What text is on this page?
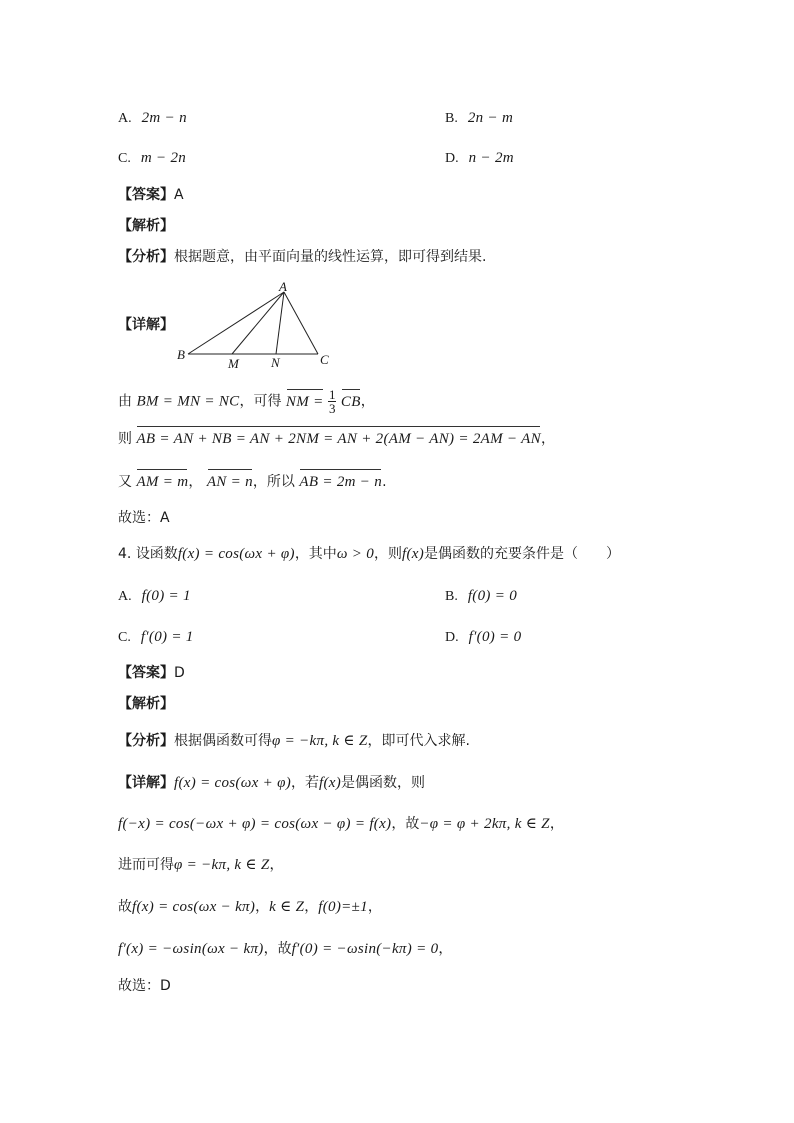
A. 2m − n	B. 2n − m
C. m − 2n	D. n − 2m
【答案】A
【解析】
【分析】根据题意，由平面向量的线性运算，即可得到结果.
【详解】
A
B
M N	C
由 BM = MN = NC，可得 NM = $\frac{1}{3}$ CB，
则 AB = AN + NB = AN + 2NM = AN + 2(AM − AN) = 2AM − AN，
又 AM = m， AN = n，所以 AB = 2m − n.
故选：A
4. 设函数f(x) = cos(ωx + φ)，其中ω > 0，则f(x)是偶函数的充要条件是（　　）
A. f(0) = 1	B. f(0) = 0
C. f′(0) = 1	D. f′(0) = 0
【答案】D
【解析】
【分析】根据偶函数可得φ = −kπ, k ∈ Z，即可代入求解.
【详解】f(x) = cos(ωx + φ)，若f(x)是偶函数，则
f(−x) = cos(−ωx + φ) = cos(ωx − φ) = f(x)，故−φ = φ + 2kπ, k ∈ Z，
进而可得φ = −kπ, k ∈ Z，
故f(x) = cos(ωx − kπ)，k ∈ Z，f(0)=±1，
f′(x) = −ωsin(ωx − kπ)，故f′(0) = −ωsin(−kπ) = 0，
故选：D
